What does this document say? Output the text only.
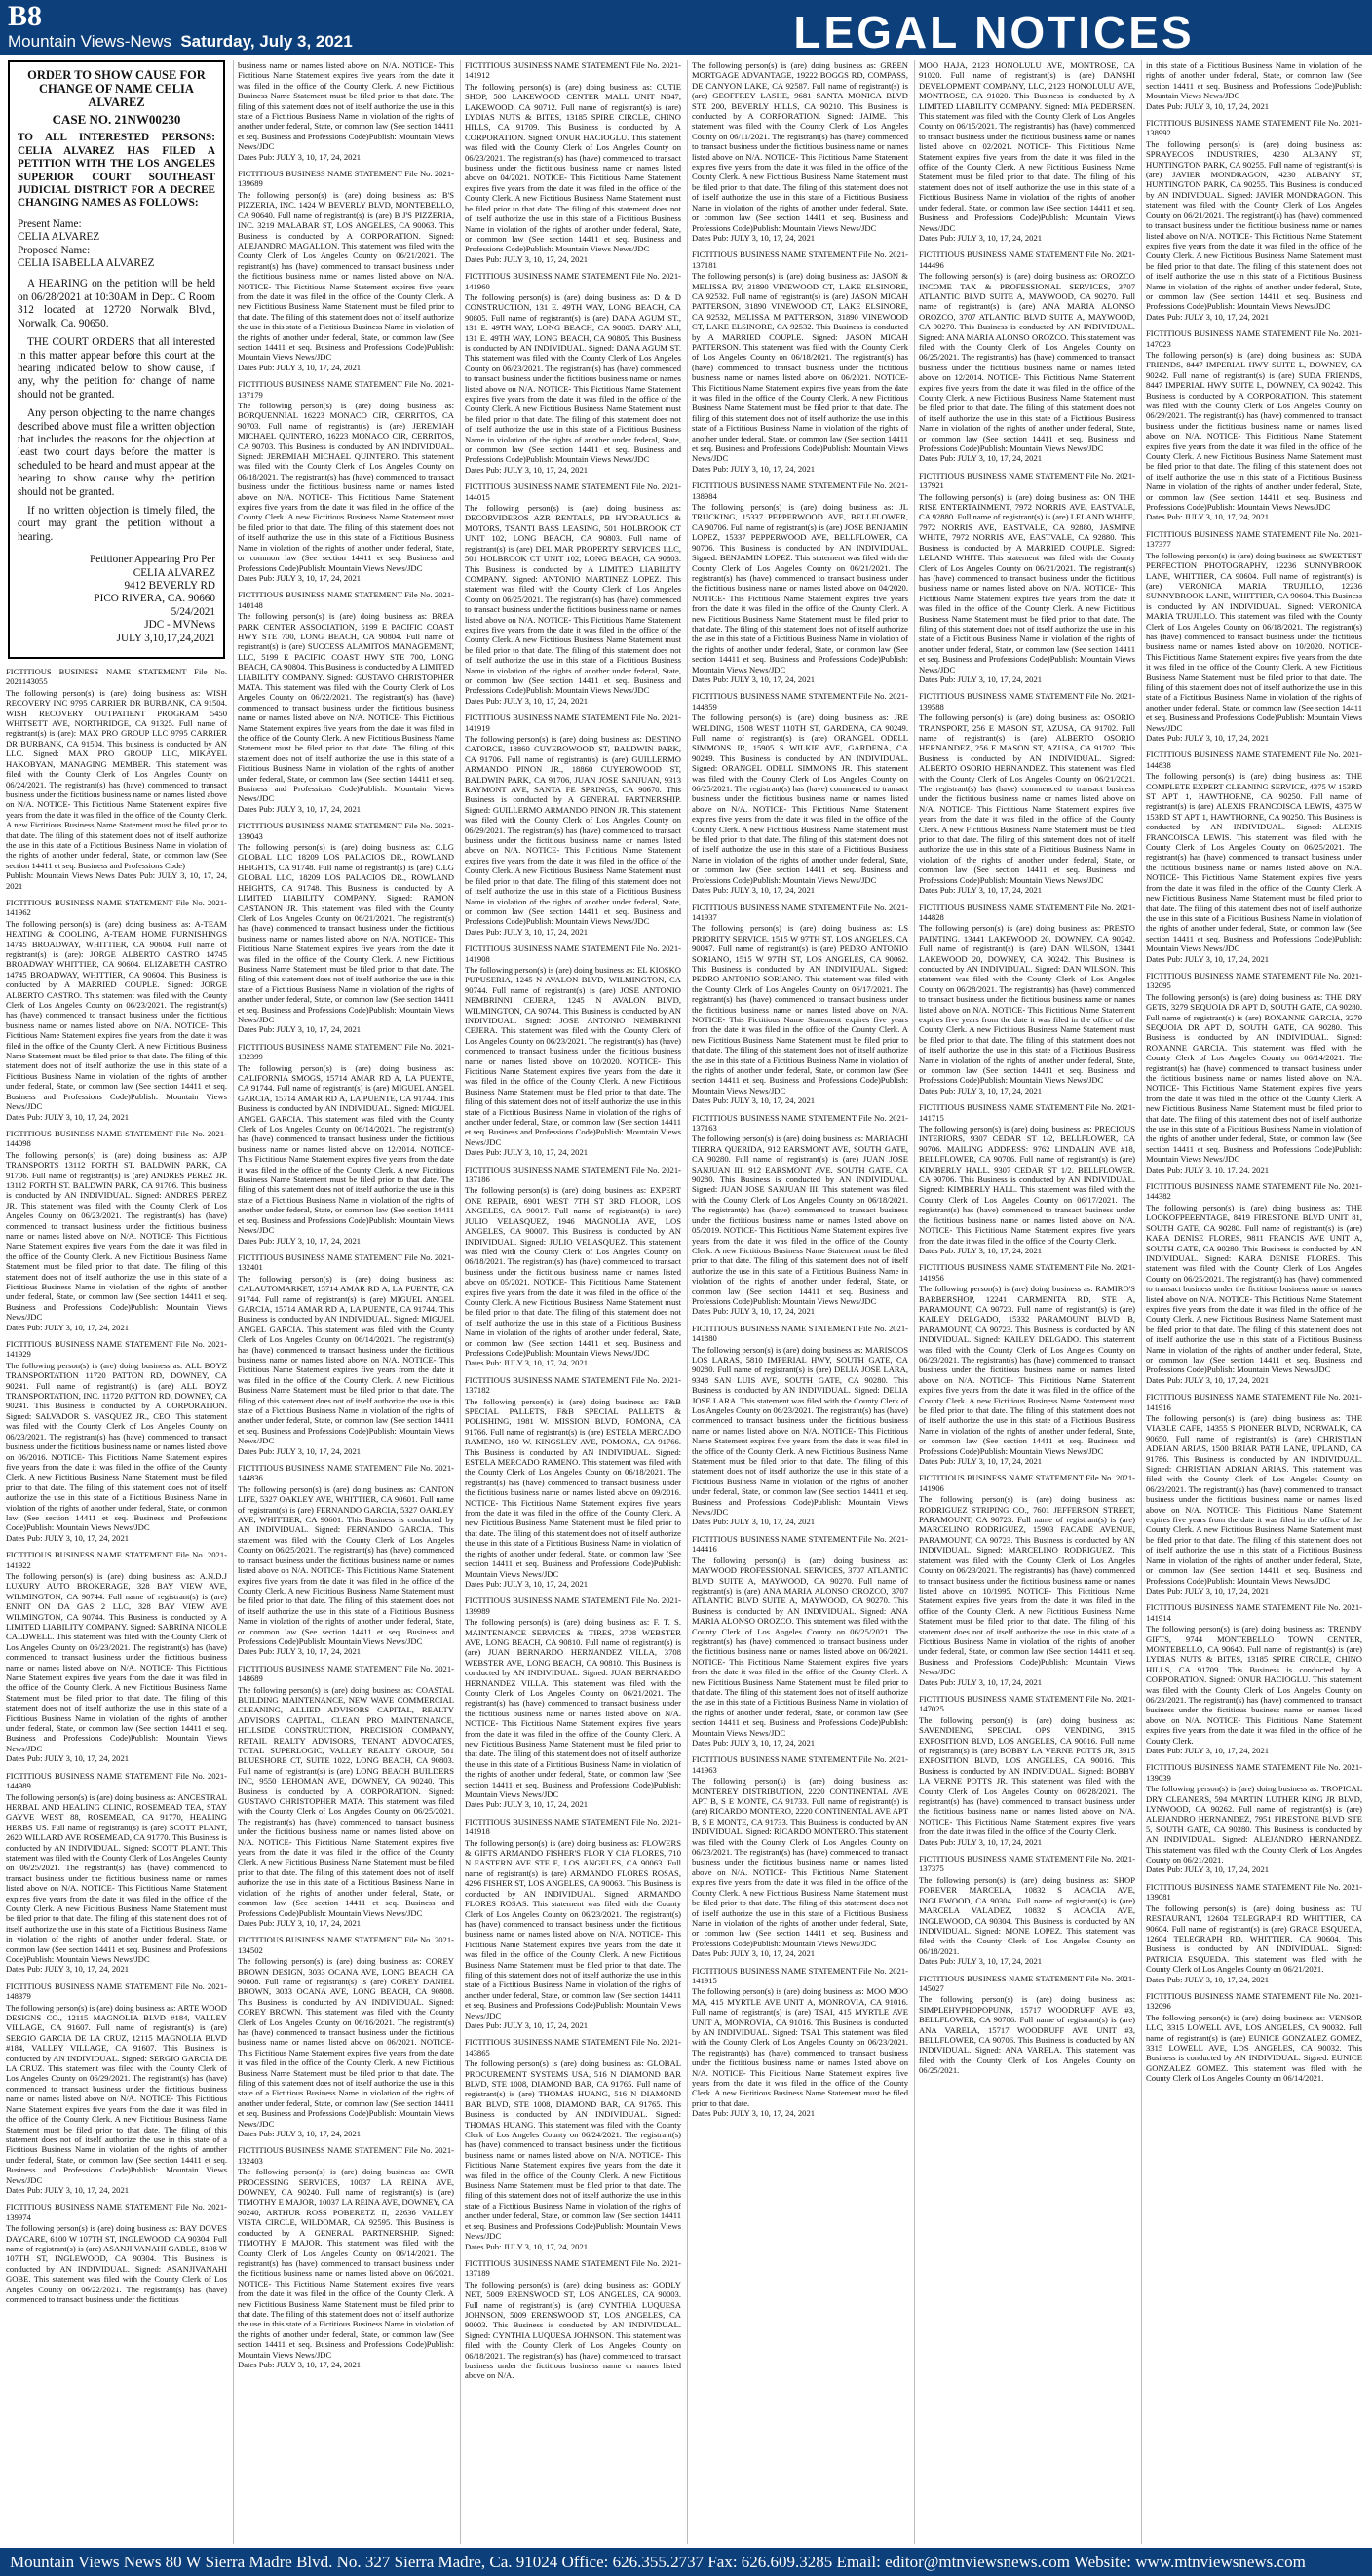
B8
Mountain Views-News Saturday, July 3, 2021	LEGAL NOTICES
ORDER TO SHOW CAUSE FOR CHANGE OF NAME CELIA ALVAREZ
CASE NO. 21NW00230
TO ALL INTERESTED PERSONS: CELIA ALVAREZ HAS FILED A PETITION WITH THE LOS ANGELES SUPERIOR COURT SOUTHEAST JUDICIAL DISTRICT FOR A DECREE CHANGING NAMES AS FOLLOWS:

Present Name:
CELIA ALVAREZ
Proposed Name:
CELIA ISABELLA ALVAREZ

A HEARING on the petition will be held on 06/28/2021 at 10:30AM in Dept. C Room 312 located at 12720 Norwalk Blvd., Norwalk, Ca. 90650.

THE COURT ORDERS that all interested in this matter appear before this court at the hearing indicated below to show cause, if any, why the petition for change of name should not be granted.

Any person objecting to the name changes described above must file a written objection that includes the reasons for the objection at least two court days before the matter is scheduled to be heard and must appear at the hearing to show cause why the petition should not be granted.

If no written objection is timely filed, the court may grant the petition without a hearing.

Petitioner Appearing Pro Per
CELIA ALVAREZ
9412 BEVERLY RD
PICO RIVERA, CA. 90660
5/24/2021
JDC - MVNews
JULY 3,10,17,24,2021

FICTITIOUS BUSINESS NAME STATEMENT File No. 2021143055
The following person(s) is (are) doing business as: WISH RECOVERY INC 9795 CARRIER DR BURBANK, CA 91504. WISH RECOVERY OUTPATIENT PROGRAM 5450 WHITSETT AVE, NORTHRIDGE, CA 91325. Full name of registrant(s) is (are): MAX PRO GROUP LLC 9795 CARRIER DR BURBANK, CA 91504. This business is conducted by AN LLC. Signed: MAX PRO GROUP LLC, MIKAYEL HAKOBYAN, MANAGING MEMBER. This statement was filed with the County Clerk of Los Angeles County on 06/24/2021. The registrant(s) has (have) commenced to transact business under the fictitious business name or names listed above on N/A. NOTICE- This Fictitious Name Statement expires five years from the date it was filed in the office of the County Clerk. A new Fictitious Business Name Statement must be filed prior to that date. The filing of this statement does not of itself authorize the use in this state of a Fictitious Business Name in violation of the rights of another under federal, State, or common law (See section 14411 et seq. Business and Professions Code)
Publish: Mountain Views News Dates Pub: JULY 3, 10, 17, 24, 2021
FICTITIOUS BUSINESS NAME STATEMENT File No. 2021-141962
The following person(s) is (are) doing business as: A-TEAM HEATING & COOLING, A-TEAM HOME FURNISHINGS 14745 BROADWAY, WHITTIER, CA 90604. Full name of registrant(s) is (are): JORGE ALBERTO CASTRO 14745 BROADWAY WHITTIER, CA 90604. ELIZABETH CASTRO 14745 BROADWAY, WHITTIER, CA 90604. This Business is conducted by A MARRIED COUPLE. Signed: JORGE ALBERTO CASTRO. This statement was filed with the County Clerk of Los Angeles County on 06/23/2021. The registrant(s) has (have) commenced to transact business under the fictitious business name or names listed above on N/A. NOTICE- This Fictitious Name Statement expires five years from the date it was filed in the office of the County Clerk. A new Fictitious Business Name Statement must be filed prior to that date. The filing of this statement does not of itself authorize the use in this state of a Fictitious Business Name in violation of the rights of another under federal, State, or common law (See section 14411 et seq. Business and Professions Code)Publish: Mountain Views News/JDC
Dates Pub: JULY 3, 10, 17, 24, 2021
FICTITIOUS BUSINESS NAME STATEMENT File No. 2021-144098
The following person(s) is (are) doing business as: AJP TRANSPORTS 13112 FORTH ST. BALDWIN PARK, CA 91706. Full name of registrant(s) is (are) ANDRES PEREZ JR. 13112 FORTH ST. BALDWIN PARK, CA 91706. This business is conducted by AN INDIVIDUAL. Signed: ANDRES PEREZ JR. This statement was filed with the County Clerk of Los Angeles County on 06/23/2021. The registrant(s) has (have) commenced to transact business under the fictitious business name or names listed above on N/A. NOTICE- This Fictitious Name Statement expires five years from the date it was filed in the office of the County Clerk. A new Fictitious Business Name Statement must be filed prior to that date. The filing of this statement does not of itself authorize the use in this state of a Fictitious Business Name in violation of the rights of another under federal, State, or common law (See section 14411 et seq. Business and Professions Code)Publish: Mountain Views News/JDC
Dates Pub: JULY 3, 10, 17, 24, 2021
FICTITIOUS BUSINESS NAME STATEMENT File No. 2021-141929
The following person(s) is (are) doing business as: ALL BOYZ TRANSPORTATION 11720 PATTON RD, DOWNEY, CA 90241. Full name of registrant(s) is (are) ALL BOYZ TRANSPORTATION, INC. 11720 PATTON RD, DOWNEY, CA 90241. This Business is conducted by A CORPORATION. Signed: SALVADOR S. VASQUEZ JR., CEO. This statement was filed with the County Clerk of Los Angeles County on 06/23/2021. The registrant(s) has (have) commenced to transact business under the fictitious business name or names listed above on 06/2016. NOTICE- This Fictitious Name Statement expires five years from the date it was filed in the office of the County Clerk. A new Fictitious Business Name Statement must be filed prior to that date. The filing of this statement does not of itself authorize the use in this state of a Fictitious Business Name in violation of the rights of another under federal, State, or common law (See section 14411 et seq. Business and Professions Code)Publish: Mountain Views News/JDC
Dates Pub: JULY 3, 10, 17, 24, 2021
FICTITIOUS BUSINESS NAME STATEMENT File No. 2021-141922
The following person(s) is (are) doing business as: A.N.D.J LUXURY AUTO BROKERAGE, 328 BAY VIEW AVE, WILMINGTON, CA 90744. Full name of registrant(s) is (are) ENNIT ON DA GAS 2 LLC, 328 BAY VIEW AVE WILMINGTON, CA 90744. This Business is conducted by A LIMITED LIABILITY COMPANY. Signed: SABRINA NICOLE CALDWELL. This statement was filed with the County Clerk of Los Angeles County on 06/23/2021. The registrant(s) has (have) commenced to transact business under the fictitious business name or names listed above on N/A. NOTICE- This Fictitious Name Statement expires five years from the date it was filed in the office of the County Clerk. A new Fictitious Business Name Statement must be filed prior to that date. The filing of this statement does not of itself authorize the use in this state of a Fictitious Business Name in violation of the rights of another under federal, State, or common law (See section 14411 et seq. Business and Professions Code)Publish: Mountain Views News/JDC
Dates Pub: JULY 3, 10, 17, 24, 2021
FICTITIOUS BUSINESS NAME STATEMENT File No. 2021-144989
The following person(s) is (are) doing business as: ANCESTRAL HERBAL AND HEALING CLINIC, ROSEMEAD TEA, STAY GAYVE WEST 88, ROSEMEAD, CA 91770, HEALING HERBS US. Full name of registrant(s) is (are) SCOTT PLANT, 2620 WILLARD AVE ROSEMEAD, CA 91770. This Business is conducted by AN INDIVIDUAL. Signed: SCOTT PLANT. This statement was filed with the County Clerk of Los Angeles County on 06/25/2021. The registrant(s) has (have) commenced to transact business under the fictitious business name or names listed above on N/A. NOTICE- This Fictitious Name Statement expires five years from the date it was filed in the office of the County Clerk. A new Fictitious Business Name Statement must be filed prior to that date. The filing of this statement does not of itself authorize the use in this state of a Fictitious Business Name in violation of the rights of another under federal, State, or common law (See section 14411 et seq. Business and Professions Code)Publish: Mountain Views News/JDC
Dates Pub: JULY 3, 10, 17, 24, 2021
FICTITIOUS BUSINESS NAME STATEMENT File No. 2021-148379
The following person(s) is (are) doing business as: ARTE WOOD DESIGNS CO., 12115 MAGNOLIA BLVD #184, VALLEY VILLAGE, CA 91607. Full name of registrant(s) is (are) SERGIO GARCIA DE LA CRUZ, 12115 MAGNOLIA BLVD #184, VALLEY VILLAGE, CA 91607. This Business is conducted by AN INDIVIDUAL. Signed: SERGIO GARCIA DE LA CRUZ. This statement was filed with the County Clerk of Los Angeles County on 06/29/2021. The registrant(s) has (have) commenced to transact business under the fictitious business name or names listed above on N/A. NOTICE- This Fictitious Name Statement expires five years from the date it was filed in the office of the County Clerk. A new Fictitious Business Name Statement must be filed prior to that date. The filing of this statement does not of itself authorize the use in this state of a Fictitious Business Name in violation of the rights of another under federal, State, or common law (See section 14411 et seq. Business and Professions Code)Publish: Mountain Views News/JDC
Dates Pub: JULY 3, 10, 17, 24, 2021
FICTITIOUS BUSINESS NAME STATEMENT File No. 2021-139974
The following person(s) is (are) doing business as: BAY DOVES DAYCARE, 6100 W 107TH ST, INGLEWOOD, CA 90304. Full name of registrant(s) is (are) ASANJI VANAHI GABLE, 8108 W 107TH ST, INGLEWOOD, CA 90304. This Business is conducted by AN INDIVIDUAL. Signed: ASANJIVANAHI GOBE. This statement was filed with the County Clerk of Los Angeles County on 06/22/2021. The registrant(s) has (have) commenced to transact business under the fictitious
business name or names listed above on N/A. NOTICE- This Fictitious Name Statement expires five years from the date it was filed in the office of the County Clerk. A new Fictitious Business Name Statement must be filed prior to that date. The filing of this statement does not of itself authorize the use in this state of a Fictitious Business Name in violation of the rights of another under federal, State, or common law (See section 14411 et seq. Business and Professions Code)Publish: Mountain Views News/JDC
Dates Pub: JULY 3, 10, 17, 24, 2021
FICTITIOUS BUSINESS NAME STATEMENT File No. 2021-139689
The following person(s) is (are) doing business as: B'S PIZZERIA, INC. 1424 W BEVERLY BLVD, MONTEBELLO, CA 90640. Full name of registrant(s) is (are) B J'S PIZZERIA, INC. 3219 MALABAR ST, LOS ANGELES, CA 90063. This Business is conducted by A CORPORATION. Signed: ALEJANDRO MAGALLON. This statement was filed with the County Clerk of Los Angeles County on 06/21/2021. The registrant(s) has (have) commenced to transact business under the fictitious business name or names listed above on N/A. NOTICE- This Fictitious Name Statement expires five years from the date it was filed in the office of the County Clerk. A new Fictitious Business Name Statement must be filed prior to that date. The filing of this statement does not of itself authorize the use in this state of a Fictitious Business Name in violation of the rights of another under federal, State, or common law (See section 14411 et seq. Business and Professions Code)Publish: Mountain Views News/JDC
Dates Pub: JULY 3, 10, 17, 24, 2021
FICTITIOUS BUSINESS NAME STATEMENT File No. 2021-137179
The following person(s) is (are) doing business as: BORQUENNIAL 16223 MONACO CIR, CERRITOS, CA 90703. Full name of registrant(s) is (are) JEREMIAH MICHAEL QUINTERO, 16223 MONACO CIR, CERRITOS, CA 90703. This Business is conducted by AN INDIVIDUAL. Signed: JEREMIAH MICHAEL QUINTERO. This statement was filed with the County Clerk of Los Angeles County on 06/18/2021. The registrant(s) has (have) commenced to transact business under the fictitious business name or names listed above on N/A. NOTICE- This Fictitious Name Statement expires five years from the date it was filed in the office of the County Clerk. A new Fictitious Business Name Statement must be filed prior to that date. The filing of this statement does not of itself authorize the use in this state of a Fictitious Business Name in violation of the rights of another under federal, State, or common law (See section 14411 et seq. Business and Professions Code)Publish: Mountain Views News/JDC
Dates Pub: JULY 3, 10, 17, 24, 2021
FICTITIOUS BUSINESS NAME STATEMENT File No. 2021-140148
The following person(s) is (are) doing business as: BREA PARK CENTER ASSOCIATION, 5199 E PACIFIC COAST HWY STE 700, LONG BEACH, CA 90804. Full name of registrant(s) is (are) SUCCESS ALAMITOS MANAGEMENT, LLC, 5199 E PACIFIC COAST HWY STE 700, LONG BEACH, CA 90804. This Business is conducted by A LIMITED LIABILITY COMPANY. Signed: GUSTAVO CHRISTOPHER MATA. This statement was filed with the County Clerk of Los Angeles County on 06/22/2021. The registrant(s) has (have) commenced to transact business under the fictitious business name or names listed above on N/A. NOTICE- This Fictitious Name Statement expires five years from the date it was filed in the office of the County Clerk. A new Fictitious Business Name Statement must be filed prior to that date. The filing of this statement does not of itself authorize the use in this state of a Fictitious Business Name in violation of the rights of another under federal, State, or common law (See section 14411 et seq. Business and Professions Code)Publish: Mountain Views News/JDC
Dates Pub: JULY 3, 10, 17, 24, 2021
FICTITIOUS BUSINESS NAME STATEMENT File No. 2021-139043
The following person(s) is (are) doing business as: C.LG GLOBAL LLC 18209 LOS PALACIOS DR., ROWLAND HEIGHTS, CA 91748. Full name of registrant(s) is (are) C.LG GLOBAL LLC, 18209 LOS PALACIOS DR., ROWLAND HEIGHTS, CA 91748. This Business is conducted by A LIMITED LIABILITY COMPANY. Signed: RAMON CASTANON JR. This statement was filed with the County Clerk of Los Angeles County on 06/21/2021. The registrant(s) has (have) commenced to transact business under the fictitious business name or names listed above on N/A. NOTICE- This Fictitious Name Statement expires five years from the date it was filed in the office of the County Clerk. A new Fictitious Business Name Statement must be filed prior to that date. The filing of this statement does not of itself authorize the use in this state of a Fictitious Business Name in violation of the rights of another under federal, State, or common law (See section 14411 et seq. Business and Professions Code)Publish: Mountain Views News/JDC
Dates Pub: JULY 3, 10, 17, 24, 2021
FICTITIOUS BUSINESS NAME STATEMENT File No. 2021-132399
The following person(s) is (are) doing business as: CALIFORNIA SMOGS, 15714 AMAR RD A, LA PUENTE, CA 91744. Full name of registrant(s) is (are) MIGUEL ANGEL GARCIA, 15714 AMAR RD A, LA PUENTE, CA 91744. This Business is conducted by AN INDIVIDUAL. Signed: MIGUEL ANGEL GARCIA. This statement was filed with the County Clerk of Los Angeles County on 06/14/2021. The registrant(s) has (have) commenced to transact business under the fictitious business name or names listed above on 12/2014. NOTICE- This Fictitious Name Statement expires five years from the date it was filed in the office of the County Clerk. A new Fictitious Business Name Statement must be filed prior to that date. The filing of this statement does not of itself authorize the use in this state of a Fictitious Business Name in violation of the rights of another under federal, State, or common law (See section 14411 et seq. Business and Professions Code)Publish: Mountain Views News/JDC
Dates Pub: JULY 3, 10, 17, 24, 2021
FICTITIOUS BUSINESS NAME STATEMENT File No. 2021-132401
The following person(s) is (are) doing business as: CALAUTOMARKET, 15714 AMAR RD A, LA PUENTE, CA 91744. Full name of registrant(s) is (are) MIGUEL ANGEL GARCIA, 15714 AMAR RD A, LA PUENTE, CA 91744. This Business is conducted by AN INDIVIDUAL. Signed: MIGUEL ANGEL GARCIA. This statement was filed with the County Clerk of Los Angeles County on 06/14/2021. The registrant(s) has (have) commenced to transact business under the fictitious business name or names listed above on N/A. NOTICE- This Fictitious Name Statement expires five years from the date it was filed in the office of the County Clerk. A new Fictitious Business Name Statement must be filed prior to that date. The filing of this statement does not of itself authorize the use in this state of a Fictitious Business Name in violation of the rights of another under federal, State, or common law (See section 14411 et seq. Business and Professions Code)Publish: Mountain Views News/JDC
Dates Pub: JULY 3, 10, 17, 24, 2021
FICTITIOUS BUSINESS NAME STATEMENT File No. 2021-144836
The following person(s) is (are) doing business as: CANTON LIFE, 5327 OAKLEY AVE, WHITTIER, CA 90601. Full name of registrant(s) is (are) FERNANDO GARCIA, 5327 OAKLEY AVE, WHITTIER, CA 90601. This Business is conducted by AN INDIVIDUAL. Signed: FERNANDO GARCIA. This statement was filed with the County Clerk of Los Angeles County on 06/25/2021. The registrant(s) has (have) commenced to transact business under the fictitious business name or names listed above on N/A. NOTICE- This Fictitious Name Statement expires five years from the date it was filed in the office of the County Clerk. A new Fictitious Business Name Statement must be filed prior to that date. The filing of this statement does not of itself authorize the use in this state of a Fictitious Business Name in violation of the rights of another under federal, State, or common law (See section 14411 et seq. Business and Professions Code)Publish: Mountain Views News/JDC
Dates Pub: JULY 3, 10, 17, 24, 2021
FICTITIOUS BUSINESS NAME STATEMENT File No. 2021-148689
The following person(s) is (are) doing business as: COASTAL BUILDING MAINTENANCE, NEW WAVE COMMERCIAL CLEANING, ALLIED ADVISORS CAPITAL, REALTY ADVISORS CAPITAL, CLEAN PRO MAINTENANCE, HILLSIDE CONSTRUCTION, PRECISION COMPANY, RETAIL REALTY ADVISORS, TENANT ADVOCATES, TOTAL SUPERLOGIC, VALLEY REALTY GROUP, 581 BLUESHORE CT, SUITE 1022, LONG BEACH, CA 90803. Full name of registrant(s) is (are) LONG BEACH BUILDERS INC, 9550 LEHOMAN AVE, DOWNEY, CA 90240. This Business is conducted by A CORPORATION. Signed: GUSTAVO CHRISTOPHER MATA. This statement was filed with the County Clerk of Los Angeles County on 06/25/2021. The registrant(s) has (have) commenced to transact business under the fictitious business name or names listed above on N/A. NOTICE- This Fictitious Name Statement expires five years from the date it was filed in the office of the County Clerk. A new Fictitious Business Name Statement must be filed prior to that date. The filing of this statement does not of itself authorize the use in this state of a Fictitious Business Name in violation of the rights of another under federal, State, or common law (See section 14411 et seq. Business and Professions Code)Publish: Mountain Views News/JDC
Dates Pub: JULY 3, 10, 17, 24, 2021
FICTITIOUS BUSINESS NAME STATEMENT File No. 2021-134502
The following person(s) is (are) doing business as: COREY BROWN DESIGN, 3033 OCANA AVE, LONG BEACH, CA 90808. Full name of registrant(s) is (are) COREY DANIEL BROWN, 3033 OCANA AVE, LONG BEACH, CA 90808. This Business is conducted by AN INDIVIDUAL. Signed: COREY BROWN. This statement was filed with the County Clerk of Los Angeles County on 06/16/2021. The registrant(s) has (have) commenced to transact business under the fictitious business name or names listed above on 06/2021. NOTICE- This Fictitious Name Statement expires five years from the date it was filed in the office of the County Clerk. A new Fictitious Business Name Statement must be filed prior to that date. The filing of this statement does not of itself authorize the use in this state of a Fictitious Business Name in violation of the rights of another under federal, State, or common law (See section 14411 et seq. Business and Professions Code)Publish: Mountain Views News/JDC
Dates Pub: JULY 3, 10, 17, 24, 2021
FICTITIOUS BUSINESS NAME STATEMENT File No. 2021-132403
The following person(s) is (are) doing business as: CWR PROCESSING SERVICES, 10037 LA REINA AVE, DOWNEY, CA 90240. Full name of registrant(s) is (are) TIMOTHY E MAJOR, 10037 LA REINA AVE, DOWNEY, CA 90240, ARTHUR ROSS POBERETZ II, 22636 VALLEY VISTA CIRCLE, WILDOMAR, CA 92595. This Business is conducted by A GENERAL PARTNERSHIP. Signed: TIMOTHY E MAJOR. This statement was filed with the County Clerk of Los Angeles County on 06/14/2021. The registrant(s) has (have) commenced to transact business under the fictitious business name or names listed above on 06/2021. NOTICE- This Fictitious Name Statement expires five years from the date it was filed in the office of the County Clerk. A new Fictitious Business Name Statement must be filed prior to that date. The filing of this statement does not of itself authorize the use in this state of a Fictitious Business Name in violation of the rights of another under federal, State, or common law (See section 14411 et seq. Business and Professions Code)Publish: Mountain Views News/JDC
Dates Pub: JULY 3, 10, 17, 24, 2021
FICTITIOUS BUSINESS NAME STATEMENT File No. 2021-141912
The following person(s) is (are) doing business as: CUTIE SHOP, 500 LAKEWOOD CENTER MALL UNIT N847, LAKEWOOD, CA 90712. Full name of registrant(s) is (are) LYDIAS NUTS & BITES, 13185 SPIRE CIRCLE, CHINO HILLS, CA 91709. This Business is conducted by A CORPORATION. Signed: ONUR HACIOGLU. This statement was filed with the County Clerk of Los Angeles County on 06/23/2021. The registrant(s) has (have) commenced to transact business under the fictitious business name or names listed above on 04/2021. NOTICE- This Fictitious Name Statement expires five years from the date it was filed in the office of the County Clerk. A new Fictitious Business Name Statement must be filed prior to that date. The filing of this statement does not of itself authorize the use in this state of a Fictitious Business Name in violation of the rights of another under federal, State, or common law (See section 14411 et seq. Business and Professions Code)Publish: Mountain Views News/JDC
Dates Pub: JULY 3, 10, 17, 24, 2021
FICTITIOUS BUSINESS NAME STATEMENT File No. 2021-141960
The following person(s) is (are) doing business as: D & D CONSTRUCTION, 131 E. 49TH WAY, LONG BEACH, CA 90805. Full name of registrant(s) is (are) DANA AGUM ST., 131 E. 49TH WAY, LONG BEACH, CA 90805. DARY ALI, 131 E. 49TH WAY, LONG BEACH, CA 90805. This Business is conducted by AN INDIVIDUAL. Signed: DANA AGUM ST. This statement was filed with the County Clerk of Los Angeles County on 06/23/2021. The registrant(s) has (have) commenced to transact business under the fictitious business name or names listed above on N/A. NOTICE- This Fictitious Name Statement expires five years from the date it was filed in the office of the County Clerk. A new Fictitious Business Name Statement must be filed prior to that date. The filing of this statement does not of itself authorize the use in this state of a Fictitious Business Name in violation of the rights of another under federal, State, or common law (See section 14411 et seq. Business and Professions Code)Publish: Mountain Views News/JDC
Dates Pub: JULY 3, 10, 17, 24, 2021
FICTITIOUS BUSINESS NAME STATEMENT File No. 2021-144015
The following person(s) is (are) doing business as: DECORVIDEROS AZR RENTALS, PB HYDRAULICS & MOTORS, TSANTI BASS LEASING, 501 HOLBROOK CT UNIT 102, LONG BEACH, CA 90803. Full name of registrant(s) is (are) DEL MAR PROPERTY SERVICES LLC, 501 HOLBROOK CT UNIT 102, LONG BEACH, CA 90803. This Business is conducted by A LIMITED LIABILITY COMPANY. Signed: ANTONIO MARTINEZ LOPEZ. This statement was filed with the County Clerk of Los Angeles County on 06/25/2021. The registrant(s) has (have) commenced to transact business under the fictitious business name or names listed above on N/A. NOTICE- This Fictitious Name Statement expires five years from the date it was filed in the office of the County Clerk. A new Fictitious Business Name Statement must be filed prior to that date. The filing of this statement does not of itself authorize the use in this state of a Fictitious Business Name in violation of the rights of another under federal, State, or common law (See section 14411 et seq. Business and Professions Code)Publish: Mountain Views News/JDC
Dates Pub: JULY 3, 10, 17, 24, 2021
FICTITIOUS BUSINESS NAME STATEMENT File No. 2021-141919
The following person(s) is (are) doing business as: DESTINO CATORCE, 18860 CUYEROWOOD ST, BALDWIN PARK, CA 91706. Full name of registrant(s) is (are) GUILLERMO ARMANDO PINON JR., 18860 CUYEROWOOD ST, BALDWIN PARK, CA 91706, JUAN JOSE SANJUAN, 9313 RAYMONT AVE, SANTA FE SPRINGS, CA 90670. This Business is conducted by A GENERAL PARTNERSHIP. Signed: GUILLERMO ARMANDO PINON JR. This statement was filed with the County Clerk of Los Angeles County on 06/29/2021. The registrant(s) has (have) commenced to transact business under the fictitious business name or names listed above on N/A. NOTICE- This Fictitious Name Statement expires five years from the date it was filed in the office of the County Clerk. A new Fictitious Business Name Statement must be filed prior to that date. The filing of this statement does not of itself authorize the use in this state of a Fictitious Business Name in violation of the rights of another under federal, State, or common law (See section 14411 et seq. Business and Professions Code)Publish: Mountain Views News/JDC
Dates Pub: JULY 3, 10, 17, 24, 2021
FICTITIOUS BUSINESS NAME STATEMENT File No. 2021-141908
The following person(s) is (are) doing business as: EL KIOSKO PUPUSERIA, 1245 N AVALON BLVD, WILMINGTON, CA 90744. Full name of registrant(s) is (are) JOSE ANTONIO NEMBRINNI CEJERA, 1245 N AVALON BLVD, WILMINGTON, CA 90744. This Business is conducted by AN INDIVIDUAL. Signed: JOSE ANTONIO NEMBRINNI CEJERA. This statement was filed with the County Clerk of Los Angeles County on 06/23/2021. The registrant(s) has (have) commenced to transact business under the fictitious business name or names listed above on 10/2020. NOTICE- This Fictitious Name Statement expires five years from the date it was filed in the office of the County Clerk. A new Fictitious Business Name Statement must be filed prior to that date. The filing of this statement does not of itself authorize the use in this state of a Fictitious Business Name in violation of the rights of another under federal, State, or common law (See section 14411 et seq. Business and Professions Code)Publish: Mountain Views News/JDC
Dates Pub: JULY 3, 10, 17, 24, 2021
FICTITIOUS BUSINESS NAME STATEMENT File No. 2021-137186
The following person(s) is (are) doing business as: EXPERT ONE REPAIR, 6901 WEST 7TH ST 3RD FLOOR, LOS ANGELES, CA 90017. Full name of registrant(s) is (are) JULIO VELASQUEZ, 1946 MAGNOLIA AVE, LOS ANGELES, CA 90007. This Business is conducted by AN INDIVIDUAL. Signed: JULIO VELASQUEZ. This statement was filed with the County Clerk of Los Angeles County on 06/18/2021. The registrant(s) has (have) commenced to transact business under the fictitious business name or names listed above on 05/2021. NOTICE- This Fictitious Name Statement expires five years from the date it was filed in the office of the County Clerk. A new Fictitious Business Name Statement must be filed prior to that date. The filing of this statement does not of itself authorize the use in this state of a Fictitious Business Name in violation of the rights of another under federal, State, or common law (See section 14411 et seq. Business and Professions Code)Publish: Mountain Views News/JDC
Dates Pub: JULY 3, 10, 17, 24, 2021
FICTITIOUS BUSINESS NAME STATEMENT File No. 2021-137182
The following person(s) is (are) doing business as: F&B SPECIAL PALLETS, F&B SPECIAL PALLETS & POLISHING, 1981 W. MISSION BLVD, POMONA, CA 91766. Full name of registrant(s) is (are) ESTELA MERCADO RAMENO, 180 W. KINGSLEY AVE, POMONA, CA 91766. This Business is conducted by AN INDIVIDUAL. Signed: ESTELA MERCADO RAMENO. This statement was filed with the County Clerk of Los Angeles County on 06/18/2021. The registrant(s) has (have) commenced to transact business under the fictitious business name or names listed above on 09/2016. NOTICE- This Fictitious Name Statement expires five years from the date it was filed in the office of the County Clerk. A new Fictitious Business Name Statement must be filed prior to that date. The filing of this statement does not of itself authorize the use in this state of a Fictitious Business Name in violation of the rights of another under federal, State, or common law (See section 14411 et seq. Business and Professions Code)Publish: Mountain Views News/JDC
Dates Pub: JULY 3, 10, 17, 24, 2021
FICTITIOUS BUSINESS NAME STATEMENT File No. 2021-139989
The following person(s) is (are) doing business as: F. T. S. MAINTENANCE SERVICES & TIRES, 3708 WEBSTER AVE, LONG BEACH, CA 90810. Full name of registrant(s) is (are) JUAN BERNARDO HERNANDEZ VILLA, 3708 WEBSTER AVE, LONG BEACH, CA 90810. This Business is conducted by AN INDIVIDUAL. Signed: JUAN BERNARDO HERNANDEZ VILLA. This statement was filed with the County Clerk of Los Angeles County on 06/21/2021. The registrant(s) has (have) commenced to transact business under the fictitious business name or names listed above on N/A. NOTICE- This Fictitious Name Statement expires five years from the date it was filed in the office of the County Clerk. A new Fictitious Business Name Statement must be filed prior to that date. The filing of this statement does not of itself authorize the use in this state of a Fictitious Business Name in violation of the rights of another under federal, State, or common law (See section 14411 et seq. Business and Professions Code)Publish: Mountain Views News/JDC
Dates Pub: JULY 3, 10, 17, 24, 2021
FICTITIOUS BUSINESS NAME STATEMENT File No. 2021-141918
The following person(s) is (are) doing business as: FLOWERS & GIFTS ARMANDO FISHER'S FLOR Y CIA FLORES, 710 N EASTERN AVE STE E, LOS ANGELES, CA 90063. Full name of registrant(s) is (are) ARMANDO FLORES ROSAS, 4296 FISHER ST, LOS ANGELES, CA 90063. This Business is conducted by AN INDIVIDUAL. Signed: ARMANDO FLORES ROSAS. This statement was filed with the County Clerk of Los Angeles County on 06/23/2021. The registrant(s) has (have) commenced to transact business under the fictitious business name or names listed above on N/A. NOTICE- This Fictitious Name Statement expires five years from the date it was filed in the office of the County Clerk. A new Fictitious Business Name Statement must be filed prior to that date. The filing of this statement does not of itself authorize the use in this state of a Fictitious Business Name in violation of the rights of another under federal, State, or common law (See section 14411 et seq. Business and Professions Code)Publish: Mountain Views News/JDC
Dates Pub: JULY 3, 10, 17, 24, 2021
FICTITIOUS BUSINESS NAME STATEMENT File No. 2021-143865
The following person(s) is (are) doing business as: GLOBAL PROCUREMENT SYSTEMS USA, 516 N DIAMOND BAR BLVD, STE 1008, DIAMOND BAR, CA 91765. Full name of registrant(s) is (are) THOMAS HUANG, 516 N DIAMOND BAR BLVD, STE 1008, DIAMOND BAR, CA 91765. This Business is conducted by AN INDIVIDUAL. Signed: THOMAS HUANG. This statement was filed with the County Clerk of Los Angeles County on 06/24/2021. The registrant(s) has (have) commenced to transact business under the fictitious business name or names listed above on N/A. NOTICE- This Fictitious Name Statement expires five years from the date it was filed in the office of the County Clerk. A new Fictitious Business Name Statement must be filed prior to that date. The filing of this statement does not of itself authorize the use in this state of a Fictitious Business Name in violation of the rights of another under federal, State, or common law (See section 14411 et seq. Business and Professions Code)Publish: Mountain Views News/JDC
Dates Pub: JULY 3, 10, 17, 24, 2021
FICTITIOUS BUSINESS NAME STATEMENT File No. 2021-137189
The following person(s) is (are) doing business as: GODLY NET, 5009 ERENSWOOD ST, LOS ANGELES, CA 90003. Full name of registrant(s) is (are) CYNTHIA LUQUESA JOHNSON, 5009 ERENSWOOD ST, LOS ANGELES, CA 90003. This Business is conducted by AN INDIVIDUAL. Signed: CYNTHIA LUQUESA JOHNSON. This statement was filed with the County Clerk of Los Angeles County on 06/18/2021. The registrant(s) has (have) commenced to transact business under the fictitious business name or names listed above on N/A.
The following person(s) is (are) doing business as: GREEN MORTGAGE ADVANTAGE, 19222 BOGGS RD, COMPASS, DE CANYON LAKE, CA 92587. Full name of registrant(s) is (are) GEOFFREY LASHE, 9681 SANTA MONICA BLVD STE 200, BEVERLY HILLS, CA 90210. This Business is conducted by A CORPORATION. Signed: JAIME. This statement was filed with the County Clerk of Los Angeles County on 06/11/2021. The registrant(s) has (have) commenced to transact business under the fictitious business name or names listed above on N/A. NOTICE- This Fictitious Name Statement expires five years from the date it was filed in the office of the County Clerk. A new Fictitious Business Name Statement must be filed prior to that date. The filing of this statement does not of itself authorize the use in this state of a Fictitious Business Name in violation of the rights of another under federal, State, or common law (See section 14411 et seq. Business and Professions Code)Publish: Mountain Views News/JDC
Dates Pub: JULY 3, 10, 17, 24, 2021
FICTITIOUS BUSINESS NAME STATEMENT File No. 2021-137181
The following person(s) is (are) doing business as: JASON & MELISSA RV, 31890 VINEWOOD CT, LAKE ELSINORE, CA 92532. Full name of registrant(s) is (are) JASON MICAH PATTERSON, 31890 VINEWOOD CT, LAKE ELSINORE, CA 92532, MELISSA M PATTERSON, 31890 VINEWOOD CT, LAKE ELSINORE, CA 92532. This Business is conducted by A MARRIED COUPLE. Signed: JASON MICAH PATTERSON. This statement was filed with the County Clerk of Los Angeles County on 06/18/2021. The registrant(s) has (have) commenced to transact business under the fictitious business name or names listed above on 06/2021. NOTICE- This Fictitious Name Statement expires five years from the date it was filed in the office of the County Clerk. A new Fictitious Business Name Statement must be filed prior to that date. The filing of this statement does not of itself authorize the use in this state of a Fictitious Business Name in violation of the rights of another under federal, State, or common law (See section 14411 et seq. Business and Professions Code)Publish: Mountain Views News/JDC
Dates Pub: JULY 3, 10, 17, 24, 2021
FICTITIOUS BUSINESS NAME STATEMENT File No. 2021-138984
The following person(s) is (are) doing business as: JL TRUCKING, 15337 PEPPERWOOD AVE, BELLFLOWER, CA 90706. Full name of registrant(s) is (are) JOSE BENJAMIN LOPEZ, 15337 PEPPERWOOD AVE, BELLFLOWER, CA 90706. This Business is conducted by AN INDIVIDUAL. Signed: BENJAMIN LOPEZ. This statement was filed with the County Clerk of Los Angeles County on 06/21/2021. The registrant(s) has (have) commenced to transact business under the fictitious business name or names listed above on 04/2020. NOTICE- This Fictitious Name Statement expires five years from the date it was filed in the office of the County Clerk. A new Fictitious Business Name Statement must be filed prior to that date. The filing of this statement does not of itself authorize the use in this state of a Fictitious Business Name in violation of the rights of another under federal, State, or common law (See section 14411 et seq. Business and Professions Code)Publish: Mountain Views News/JDC
Dates Pub: JULY 3, 10, 17, 24, 2021
FICTITIOUS BUSINESS NAME STATEMENT File No. 2021-144859
The following person(s) is (are) doing business as: JRE WELDING, 1508 WEST 110TH ST, GARDENA, CA 90249. Full name of registrant(s) is (are) ORANGEL ODELL SIMMONS JR, 15905 S WILKIE AVE, GARDENA, CA 90249. This Business is conducted by AN INDIVIDUAL. Signed: ORANGEL ODELL SIMMONS JR. This statement was filed with the County Clerk of Los Angeles County on 06/25/2021. The registrant(s) has (have) commenced to transact business under the fictitious business name or names listed above on N/A. NOTICE- This Fictitious Name Statement expires five years from the date it was filed in the office of the County Clerk. A new Fictitious Business Name Statement must be filed prior to that date. The filing of this statement does not of itself authorize the use in this state of a Fictitious Business Name in violation of the rights of another under federal, State, or common law (See section 14411 et seq. Business and Professions Code)Publish: Mountain Views News/JDC
Dates Pub: JULY 3, 10, 17, 24, 2021
FICTITIOUS BUSINESS NAME STATEMENT File No. 2021-141937
The following person(s) is (are) doing business as: LS PRIORITY SERVICE, 1515 W 97TH ST, LOS ANGELES, CA 90047. Full name of registrant(s) is (are) PEDRO ANTONIO SORIANO, 1515 W 97TH ST, LOS ANGELES, CA 90062. This Business is conducted by AN INDIVIDUAL. Signed: PEDRO ANTONIO SORIANO. This statement was filed with the County Clerk of Los Angeles County on 06/17/2021. The registrant(s) has (have) commenced to transact business under the fictitious business name or names listed above on N/A. NOTICE- This Fictitious Name Statement expires five years from the date it was filed in the office of the County Clerk. A new Fictitious Business Name Statement must be filed prior to that date. The filing of this statement does not of itself authorize the use in this state of a Fictitious Business Name in violation of the rights of another under federal, State, or common law (See section 14411 et seq. Business and Professions Code)Publish: Mountain Views News/JDC
Dates Pub: JULY 3, 10, 17, 24, 2021
FICTITIOUS BUSINESS NAME STATEMENT File No. 2021-137163
The following person(s) is (are) doing business as: MARIACHI TIERRA QUERIDA, 912 EARSMONT AVE, SOUTH GATE, CA 90280. Full name of registrant(s) is (are) JUAN JOSE SANJUAN III, 912 EARSMONT AVE, SOUTH GATE, CA 90280. This Business is conducted by AN INDIVIDUAL. Signed: JUAN JOSE SANJUAN III. This statement was filed with the County Clerk of Los Angeles County on 06/18/2021. The registrant(s) has (have) commenced to transact business under the fictitious business name or names listed above on 05/2019. NOTICE- This Fictitious Name Statement expires five years from the date it was filed in the office of the County Clerk. A new Fictitious Business Name Statement must be filed prior to that date. The filing of this statement does not of itself authorize the use in this state of a Fictitious Business Name in violation of the rights of another under federal, State, or common law (See section 14411 et seq. Business and Professions Code)Publish: Mountain Views News/JDC
Dates Pub: JULY 3, 10, 17, 24, 2021
FICTITIOUS BUSINESS NAME STATEMENT File No. 2021-141880
The following person(s) is (are) doing business as: MARISCOS LOS LARAS, 5810 IMPERIAL HWY, SOUTH GATE, CA 90280. Full name of registrant(s) is (are) DELIA JOSE LARA, 9348 SAN LUIS AVE, SOUTH GATE, CA 90280. This Business is conducted by AN INDIVIDUAL. Signed: DELIA JOSE LARA. This statement was filed with the County Clerk of Los Angeles County on 06/23/2021. The registrant(s) has (have) commenced to transact business under the fictitious business name or names listed above on N/A. NOTICE- This Fictitious Name Statement expires five years from the date it was filed in the office of the County Clerk. A new Fictitious Business Name Statement must be filed prior to that date. The filing of this statement does not of itself authorize the use in this state of a Fictitious Business Name in violation of the rights of another under federal, State, or common law (See section 14411 et seq. Business and Professions Code)Publish: Mountain Views News/JDC
Dates Pub: JULY 3, 10, 17, 24, 2021
FICTITIOUS BUSINESS NAME STATEMENT File No. 2021-144416
The following person(s) is (are) doing business as: MAYWOOD PROFESSIONAL SERVICES, 3707 ATLANTIC BLVD SUITE A, MAYWOOD, CA 90270. Full name of registrant(s) is (are) ANA MARIA ALONSO OROZCO, 3707 ATLANTIC BLVD SUITE A, MAYWOOD, CA 90270. This Business is conducted by AN INDIVIDUAL. Signed: ANA MARIA ALONSO OROZCO. This statement was filed with the County Clerk of Los Angeles County on 06/25/2021. The registrant(s) has (have) commenced to transact business under the fictitious business name or names listed above on 06/2021. NOTICE- This Fictitious Name Statement expires five years from the date it was filed in the office of the County Clerk. A new Fictitious Business Name Statement must be filed prior to that date. The filing of this statement does not of itself authorize the use in this state of a Fictitious Business Name in violation of the rights of another under federal, State, or common law (See section 14411 et seq. Business and Professions Code)Publish: Mountain Views News/JDC
Dates Pub: JULY 3, 10, 17, 24, 2021
FICTITIOUS BUSINESS NAME STATEMENT File No. 2021-141963
The following person(s) is (are) doing business as: MONTEREY DISTRIBUTION, 2220 CONTINENTAL AVE APT B, S E MONTE, CA 91733. Full name of registrant(s) is (are) RICARDO MONTERO, 2220 CONTINENTAL AVE APT B, S E MONTE, CA 91733. This Business is conducted by AN INDIVIDUAL. Signed: RICARDO MONTERO. This statement was filed with the County Clerk of Los Angeles County on 06/23/2021. The registrant(s) has (have) commenced to transact business under the fictitious business name or names listed above on N/A. NOTICE- This Fictitious Name Statement expires five years from the date it was filed in the office of the County Clerk. A new Fictitious Business Name Statement must be filed prior to that date. The filing of this statement does not of itself authorize the use in this state of a Fictitious Business Name in violation of the rights of another under federal, State, or common law (See section 14411 et seq. Business and Professions Code)Publish: Mountain Views News/JDC
Dates Pub: JULY 3, 10, 17, 24, 2021
FICTITIOUS BUSINESS NAME STATEMENT File No. 2021-141915
The following person(s) is (are) doing business as: MOO MOO MA, 415 MYRTLE AVE UNIT A, MONROVIA, CA 91016. Full name of registrant(s) is (are) TSAI, 415 MYRTLE AVE UNIT A, MONROVIA, CA 91016. This Business is conducted by AN INDIVIDUAL. Signed: TSAI. This statement was filed with the County Clerk of Los Angeles County on 06/23/2021. The registrant(s) has (have) commenced to transact business under the fictitious business name or names listed above on N/A. NOTICE- This Fictitious Name Statement expires five years from the date it was filed in the office of the County Clerk. A new Fictitious Business Name Statement must be filed prior to that date.
Dates Pub: JULY 3, 10, 17, 24, 2021
MOO HAJA, 2123 HONOLULU AVE, MONTROSE, CA 91020. Full name of registrant(s) is (are) DANSHI DEVELOPMENT COMPANY, LLC, 2123 HONOLULU AVE, MONTROSE, CA 91020. This Business is conducted by A LIMITED LIABILITY COMPANY. Signed: MIA PEDERSEN. This statement was filed with the County Clerk of Los Angeles County on 06/15/2021. The registrant(s) has (have) commenced to transact business under the fictitious business name or names listed above on 02/2021. NOTICE- This Fictitious Name Statement expires five years from the date it was filed in the office of the County Clerk. A new Fictitious Business Name Statement must be filed prior to that date. The filing of this statement does not of itself authorize the use in this state of a Fictitious Business Name in violation of the rights of another under federal, State, or common law (See section 14411 et seq. Business and Professions Code)Publish: Mountain Views News/JDC
Dates Pub: JULY 3, 10, 17, 24, 2021
FICTITIOUS BUSINESS NAME STATEMENT File No. 2021-144496
The following person(s) is (are) doing business as: OROZCO INCOME TAX & PROFESSIONAL SERVICES, 3707 ATLANTIC BLVD SUITE A, MAYWOOD, CA 90270. Full name of registrant(s) is (are) ANA MARIA ALONSO OROZCO, 3707 ATLANTIC BLVD SUITE A, MAYWOOD, CA 90270. This Business is conducted by AN INDIVIDUAL. Signed: ANA MARIA ALONSO OROZCO. This statement was filed with the County Clerk of Los Angeles County on 06/25/2021. The registrant(s) has (have) commenced to transact business under the fictitious business name or names listed above on 12/2014. NOTICE- This Fictitious Name Statement expires five years from the date it was filed in the office of the County Clerk. A new Fictitious Business Name Statement must be filed prior to that date. The filing of this statement does not of itself authorize the use in this state of a Fictitious Business Name in violation of the rights of another under federal, State, or common law (See section 14411 et seq. Business and Professions Code)Publish: Mountain Views News/JDC
Dates Pub: JULY 3, 10, 17, 24, 2021
FICTITIOUS BUSINESS NAME STATEMENT File No. 2021-137921
The following person(s) is (are) doing business as: ON THE RISE ENTERTAINMENT, 7972 NORRIS AVE, EASTVALE, CA 92880. Full name of registrant(s) is (are) LELAND WHITE, 7972 NORRIS AVE, EASTVALE, CA 92880, JASMINE WHITE, 7972 NORRIS AVE, EASTVALE, CA 92880. This Business is conducted by A MARRIED COUPLE. Signed: LELAND WHITE. This statement was filed with the County Clerk of Los Angeles County on 06/21/2021. The registrant(s) has (have) commenced to transact business under the fictitious business name or names listed above on N/A. NOTICE- This Fictitious Name Statement expires five years from the date it was filed in the office of the County Clerk. A new Fictitious Business Name Statement must be filed prior to that date. The filing of this statement does not of itself authorize the use in this state of a Fictitious Business Name in violation of the rights of another under federal, State, or common law (See section 14411 et seq. Business and Professions Code)Publish: Mountain Views News/JDC
Dates Pub: JULY 3, 10, 17, 24, 2021
FICTITIOUS BUSINESS NAME STATEMENT File No. 2021-139588
The following person(s) is (are) doing business as: OSORIO TRANSPORT, 256 E MASON ST, AZUSA, CA 91702. Full name of registrant(s) is (are) ALBERTO OSORIO HERNANDEZ, 256 E MASON ST, AZUSA, CA 91702. This Business is conducted by AN INDIVIDUAL. Signed: ALBERTO OSORIO HERNANDEZ. This statement was filed with the County Clerk of Los Angeles County on 06/21/2021. The registrant(s) has (have) commenced to transact business under the fictitious business name or names listed above on N/A. NOTICE- This Fictitious Name Statement expires five years from the date it was filed in the office of the County Clerk. A new Fictitious Business Name Statement must be filed prior to that date. The filing of this statement does not of itself authorize the use in this state of a Fictitious Business Name in violation of the rights of another under federal, State, or common law (See section 14411 et seq. Business and Professions Code)Publish: Mountain Views News/JDC
Dates Pub: JULY 3, 10, 17, 24, 2021
FICTITIOUS BUSINESS NAME STATEMENT File No. 2021-144828
The following person(s) is (are) doing business as: PRESTO PAINTING, 13441 LAKEWOOD 20, DOWNEY, CA 90242. Full name of registrant(s) is (are) DAN WILSON, 13441 LAKEWOOD 20, DOWNEY, CA 90242. This Business is conducted by AN INDIVIDUAL. Signed: DAN WILSON. This statement was filed with the County Clerk of Los Angeles County on 06/28/2021. The registrant(s) has (have) commenced to transact business under the fictitious business name or names listed above on N/A. NOTICE- This Fictitious Name Statement expires five years from the date it was filed in the office of the County Clerk. A new Fictitious Business Name Statement must be filed prior to that date. The filing of this statement does not of itself authorize the use in this state of a Fictitious Business Name in violation of the rights of another under federal, State, or common law (See section 14411 et seq. Business and Professions Code)Publish: Mountain Views News/JDC
Dates Pub: JULY 3, 10, 17, 24, 2021
FICTITIOUS BUSINESS NAME STATEMENT File No. 2021-141715
The following person(s) is (are) doing business as: PRECIOUS INTERIORS, 9307 CEDAR ST 1/2, BELLFLOWER, CA 90706. MAILING ADDRESS: 9762 LINDALIN AVE #18, BELLFLOWER, CA 90706. Full name of registrant(s) is (are) KIMBERLY HALL, 9307 CEDAR ST 1/2, BELLFLOWER, CA 90706. This Business is conducted by AN INDIVIDUAL. Signed: KIMBERLY HALL. This statement was filed with the County Clerk of Los Angeles County on 06/17/2021. The registrant(s) has (have) commenced to transact business under the fictitious business name or names listed above on N/A. NOTICE- This Fictitious Name Statement expires five years from the date it was filed in the office of the County Clerk.
Dates Pub: JULY 3, 10, 17, 24, 2021
FICTITIOUS BUSINESS NAME STATEMENT File No. 2021-141956
The following person(s) is (are) doing business as: RAMIRO'S BARBERSHOP, 12241 CARMENITA RD, STE A, PARAMOUNT, CA 90723. Full name of registrant(s) is (are) KAILEY DELGADO, 15332 PARAMOUNT BLVD B, PARAMOUNT, CA 90723. This Business is conducted by AN INDIVIDUAL. Signed: KAILEY DELGADO. This statement was filed with the County Clerk of Los Angeles County on 06/23/2021. The registrant(s) has (have) commenced to transact business under the fictitious business name or names listed above on N/A. NOTICE- This Fictitious Name Statement expires five years from the date it was filed in the office of the County Clerk. A new Fictitious Business Name Statement must be filed prior to that date. The filing of this statement does not of itself authorize the use in this state of a Fictitious Business Name in violation of the rights of another under federal, State, or common law (See section 14411 et seq. Business and Professions Code)Publish: Mountain Views News/JDC
Dates Pub: JULY 3, 10, 17, 24, 2021
FICTITIOUS BUSINESS NAME STATEMENT File No. 2021-141906
The following person(s) is (are) doing business as: RODRIGUEZ STRIPING CO., 7601 JEFFERSON STREET, PARAMOUNT, CA 90723. Full name of registrant(s) is (are) MARCELINO RODRIGUEZ, 15903 FACADE AVENUE, PARAMOUNT, CA 90723. This Business is conducted by AN INDIVIDUAL. Signed: MARCELINO RODRIGUEZ. This statement was filed with the County Clerk of Los Angeles County on 06/23/2021. The registrant(s) has (have) commenced to transact business under the fictitious business name or names listed above on 10/1995. NOTICE- This Fictitious Name Statement expires five years from the date it was filed in the office of the County Clerk. A new Fictitious Business Name Statement must be filed prior to that date. The filing of this statement does not of itself authorize the use in this state of a Fictitious Business Name in violation of the rights of another under federal, State, or common law (See section 14411 et seq. Business and Professions Code)Publish: Mountain Views News/JDC
Dates Pub: JULY 3, 10, 17, 24, 2021
FICTITIOUS BUSINESS NAME STATEMENT File No. 2021-147025
The following person(s) is (are) doing business as: SAVENDIENG, SPECIAL OPS VENDING, 3915 EXPOSITION BLVD, LOS ANGELES, CA 90016. Full name of registrant(s) is (are) BOBBY LA VERNE POTTS JR, 3915 EXPOSITION BLVD, LOS ANGELES, CA 90016. This Business is conducted by AN INDIVIDUAL. Signed: BOBBY LA VERNE POTTS JR. This statement was filed with the County Clerk of Los Angeles County on 06/28/2021. The registrant(s) has (have) commenced to transact business under the fictitious business name or names listed above on N/A. NOTICE- This Fictitious Name Statement expires five years from the date it was filed in the office of the County Clerk.
Dates Pub: JULY 3, 10, 17, 24, 2021
FICTITIOUS BUSINESS NAME STATEMENT File No. 2021-137375
The following person(s) is (are) doing business as: SHOP FOREVER MARCELA, 10832 S ACACIA AVE, INGLEWOOD, CA 90304. Full name of registrant(s) is (are) MARCELA VALADEZ, 10832 S ACACIA AVE, INGLEWOOD, CA 90304. This Business is conducted by AN INDIVIDUAL. Signed: MONE LOPEZ. This statement was filed with the County Clerk of Los Angeles County on 06/18/2021.
Dates Pub: JULY 3, 10, 17, 24, 2021
FICTITIOUS BUSINESS NAME STATEMENT File No. 2021-145027
The following person(s) is (are) doing business as: SIMPLEHYPHOPOPUNK, 15717 WOODRUFF AVE #3, BELLFLOWER, CA 90706. Full name of registrant(s) is (are) ANA VARELA, 15717 WOODRUFF AVE UNIT #3, BELLFLOWER, CA 90706. This Business is conducted by AN INDIVIDUAL. Signed: ANA VARELA. This statement was filed with the County Clerk of Los Angeles County on 06/25/2021.
in this state of a Fictitious Business Name in violation of the rights of another under federal, State, or common law (See section 14411 et seq. Business and Professions Code)Publish: Mountain Views News/JDC
Dates Pub: JULY 3, 10, 17, 24, 2021
FICTITIOUS BUSINESS NAME STATEMENT File No. 2021-138992
The following person(s) is (are) doing business as: SPRAYECOS INDUSTRIES, 4230 ALBANY ST, HUNTINGTON PARK, CA 90255. Full name of registrant(s) is (are) JAVIER MONDRAGON, 4230 ALBANY ST, HUNTINGTON PARK, CA 90255. This Business is conducted by AN INDIVIDUAL. Signed: JAVIER MONDRAGON. This statement was filed with the County Clerk of Los Angeles County on 06/21/2021. The registrant(s) has (have) commenced to transact business under the fictitious business name or names listed above on N/A. NOTICE- This Fictitious Name Statement expires five years from the date it was filed in the office of the County Clerk. A new Fictitious Business Name Statement must be filed prior to that date. The filing of this statement does not of itself authorize the use in this state of a Fictitious Business Name in violation of the rights of another under federal, State, or common law (See section 14411 et seq. Business and Professions Code)Publish: Mountain Views News/JDC
Dates Pub: JULY 3, 10, 17, 24, 2021
FICTITIOUS BUSINESS NAME STATEMENT File No. 2021-147023
The following person(s) is (are) doing business as: SUDA FRIENDS, 8447 IMPERIAL HWY SUITE L, DOWNEY, CA 90242. Full name of registrant(s) is (are) SUDA FRIENDS, 8447 IMPERIAL HWY SUITE L, DOWNEY, CA 90242. This Business is conducted by A CORPORATION. This statement was filed with the County Clerk of Los Angeles County on 06/29/2021. The registrant(s) has (have) commenced to transact business under the fictitious business name or names listed above on N/A. NOTICE- This Fictitious Name Statement expires five years from the date it was filed in the office of the County Clerk. A new Fictitious Business Name Statement must be filed prior to that date. The filing of this statement does not of itself authorize the use in this state of a Fictitious Business Name in violation of the rights of another under federal, State, or common law (See section 14411 et seq. Business and Professions Code)Publish: Mountain Views News/JDC
Dates Pub: JULY 3, 10, 17, 24, 2021
FICTITIOUS BUSINESS NAME STATEMENT File No. 2021-137377
The following person(s) is (are) doing business as: SWEETEST PERFECTION PHOTOGRAPHY, 12236 SUNNYBROOK LANE, WHITTIER, CA 90604. Full name of registrant(s) is (are) VERONICA MARIA TRUJILLO, 12236 SUNNYBROOK LANE, WHITTIER, CA 90604. This Business is conducted by AN INDIVIDUAL. Signed: VERONICA MARIA TRUJILLO. This statement was filed with the County Clerk of Los Angeles County on 06/18/2021. The registrant(s) has (have) commenced to transact business under the fictitious business name or names listed above on 10/2020. NOTICE- This Fictitious Name Statement expires five years from the date it was filed in the office of the County Clerk. A new Fictitious Business Name Statement must be filed prior to that date. The filing of this statement does not of itself authorize the use in this state of a Fictitious Business Name in violation of the rights of another under federal, State, or common law (See section 14411 et seq. Business and Professions Code)Publish: Mountain Views News/JDC
Dates Pub: JULY 3, 10, 17, 24, 2021
FICTITIOUS BUSINESS NAME STATEMENT File No. 2021-144838
The following person(s) is (are) doing business as: THE COMPLETE EXPERT CLEANING SERVICE, 4375 W 153RD ST APT 1, HAWTHORNE, CA 90250. Full name of registrant(s) is (are) ALEXIS FRANCOISCA LEWIS, 4375 W 153RD ST APT 1, HAWTHORNE, CA 90250. This Business is conducted by AN INDIVIDUAL. Signed: ALEXIS FRANCOISCA LEWIS. This statement was filed with the County Clerk of Los Angeles County on 06/25/2021. The registrant(s) has (have) commenced to transact business under the fictitious business name or names listed above on N/A. NOTICE- This Fictitious Name Statement expires five years from the date it was filed in the office of the County Clerk. A new Fictitious Business Name Statement must be filed prior to that date. The filing of this statement does not of itself authorize the use in this state of a Fictitious Business Name in violation of the rights of another under federal, State, or common law (See section 14411 et seq. Business and Professions Code)Publish: Mountain Views News/JDC
Dates Pub: JULY 3, 10, 17, 24, 2021
FICTITIOUS BUSINESS NAME STATEMENT File No. 2021-132095
The following person(s) is (are) doing business as: THE DRY GETS, 3279 SEQUOIA DR APT D, SOUTH GATE, CA 90280. Full name of registrant(s) is (are) ROXANNE GARCIA, 3279 SEQUOIA DR APT D, SOUTH GATE, CA 90280. This Business is conducted by AN INDIVIDUAL. Signed: ROXANNE GARCIA. This statement was filed with the County Clerk of Los Angeles County on 06/14/2021. The registrant(s) has (have) commenced to transact business under the fictitious business name or names listed above on N/A. NOTICE- This Fictitious Name Statement expires five years from the date it was filed in the office of the County Clerk. A new Fictitious Business Name Statement must be filed prior to that date. The filing of this statement does not of itself authorize the use in this state of a Fictitious Business Name in violation of the rights of another under federal, State, or common law (See section 14411 et seq. Business and Professions Code)Publish: Mountain Views News/JDC
Dates Pub: JULY 3, 10, 17, 24, 2021
FICTITIOUS BUSINESS NAME STATEMENT File No. 2021-144382
The following person(s) is (are) doing business as: THE LOOKOFPEEENTAGE, 8419 FIRESTONE BLVD UNIT 81, SOUTH GATE, CA 90280. Full name of registrant(s) is (are) KARA DENISE FLORES, 9811 FRANCIS AVE UNIT A, SOUTH GATE, CA 90280. This Business is conducted by AN INDIVIDUAL. Signed: KARA DENISE FLORES. This statement was filed with the County Clerk of Los Angeles County on 06/25/2021. The registrant(s) has (have) commenced to transact business under the fictitious business name or names listed above on N/A. NOTICE- This Fictitious Name Statement expires five years from the date it was filed in the office of the County Clerk. A new Fictitious Business Name Statement must be filed prior to that date. The filing of this statement does not of itself authorize the use in this state of a Fictitious Business Name in violation of the rights of another under federal, State, or common law (See section 14411 et seq. Business and Professions Code)Publish: Mountain Views News/JDC
Dates Pub: JULY 3, 10, 17, 24, 2021
FICTITIOUS BUSINESS NAME STATEMENT File No. 2021-141916
The following person(s) is (are) doing business as: THE VIABLE CAFE, 14355 S PIONEER BLVD, NORWALK, CA 90650. Full name of registrant(s) is (are) CHRISTIAN ADRIAN ARIAS, 1500 BRIAR PATH LANE, UPLAND, CA 91786. This Business is conducted by AN INDIVIDUAL. Signed: CHRISTIAN ADRIAN ARIAS. This statement was filed with the County Clerk of Los Angeles County on 06/23/2021. The registrant(s) has (have) commenced to transact business under the fictitious business name or names listed above on N/A. NOTICE- This Fictitious Name Statement expires five years from the date it was filed in the office of the County Clerk. A new Fictitious Business Name Statement must be filed prior to that date. The filing of this statement does not of itself authorize the use in this state of a Fictitious Business Name in violation of the rights of another under federal, State, or common law (See section 14411 et seq. Business and Professions Code)Publish: Mountain Views News/JDC
Dates Pub: JULY 3, 10, 17, 24, 2021
FICTITIOUS BUSINESS NAME STATEMENT File No. 2021-141914
The following person(s) is (are) doing business as: TRENDY GIFTS, 9744 MONTEBELLO TOWN CENTER, MONTEBELLO, CA 90640. Full name of registrant(s) is (are) LYDIAS NUTS & BITES, 13185 SPIRE CIRCLE, CHINO HILLS, CA 91709. This Business is conducted by A CORPORATION. Signed: ONUR HACIOGLU. This statement was filed with the County Clerk of Los Angeles County on 06/23/2021. The registrant(s) has (have) commenced to transact business under the fictitious business name or names listed above on N/A. NOTICE- This Fictitious Name Statement expires five years from the date it was filed in the office of the County Clerk.
Dates Pub: JULY 3, 10, 17, 24, 2021
FICTITIOUS BUSINESS NAME STATEMENT File No. 2021-139039
The following person(s) is (are) doing business as: TROPICAL DRY CLEANERS, 594 MARTIN LUTHER KING JR BLVD, LYNWOOD, CA 90262. Full name of registrant(s) is (are) ALEJANDRO HERNANDEZ, 7951 FIRESTONE BLVD STE 5, SOUTH GATE, CA 90280. This Business is conducted by AN INDIVIDUAL. Signed: ALEJANDRO HERNANDEZ. This statement was filed with the County Clerk of Los Angeles County on 06/21/2021.
Dates Pub: JULY 3, 10, 17, 24, 2021
FICTITIOUS BUSINESS NAME STATEMENT File No. 2021-139081
The following person(s) is (are) doing business as: TU RESTAURANT, 12604 TELEGRAPH RD WHITTIER, CA 90604. Full name of registrant(s) is (are) GRACE ESQUEDA, 12604 TELEGRAPH RD, WHITTIER, CA 90604. This Business is conducted by AN INDIVIDUAL. Signed: PATRICIA ESQUEDA. This statement was filed with the County Clerk of Los Angeles County on 06/21/2021.
Dates Pub: JULY 3, 10, 17, 24, 2021
FICTITIOUS BUSINESS NAME STATEMENT File No. 2021-132096
The following person(s) is (are) doing business as: VENSOR LLC, 3315 LOWELL AVE, LOS ANGELES, CA 90032. Full name of registrant(s) is (are) EUNICE GONZALEZ GOMEZ, 3315 LOWELL AVE, LOS ANGELES, CA 90032. This Business is conducted by AN INDIVIDUAL. Signed: EUNICE GONZALEZ GOMEZ. This statement was filed with the County Clerk of Los Angeles County on 06/14/2021.
Mountain Views News 80 W Sierra Madre Blvd. No. 327 Sierra Madre, Ca. 91024 Office: 626.355.2737 Fax: 626.609.3285 Email: editor@mtnviewsnews.com Website: www.mtnviewsnews.com
